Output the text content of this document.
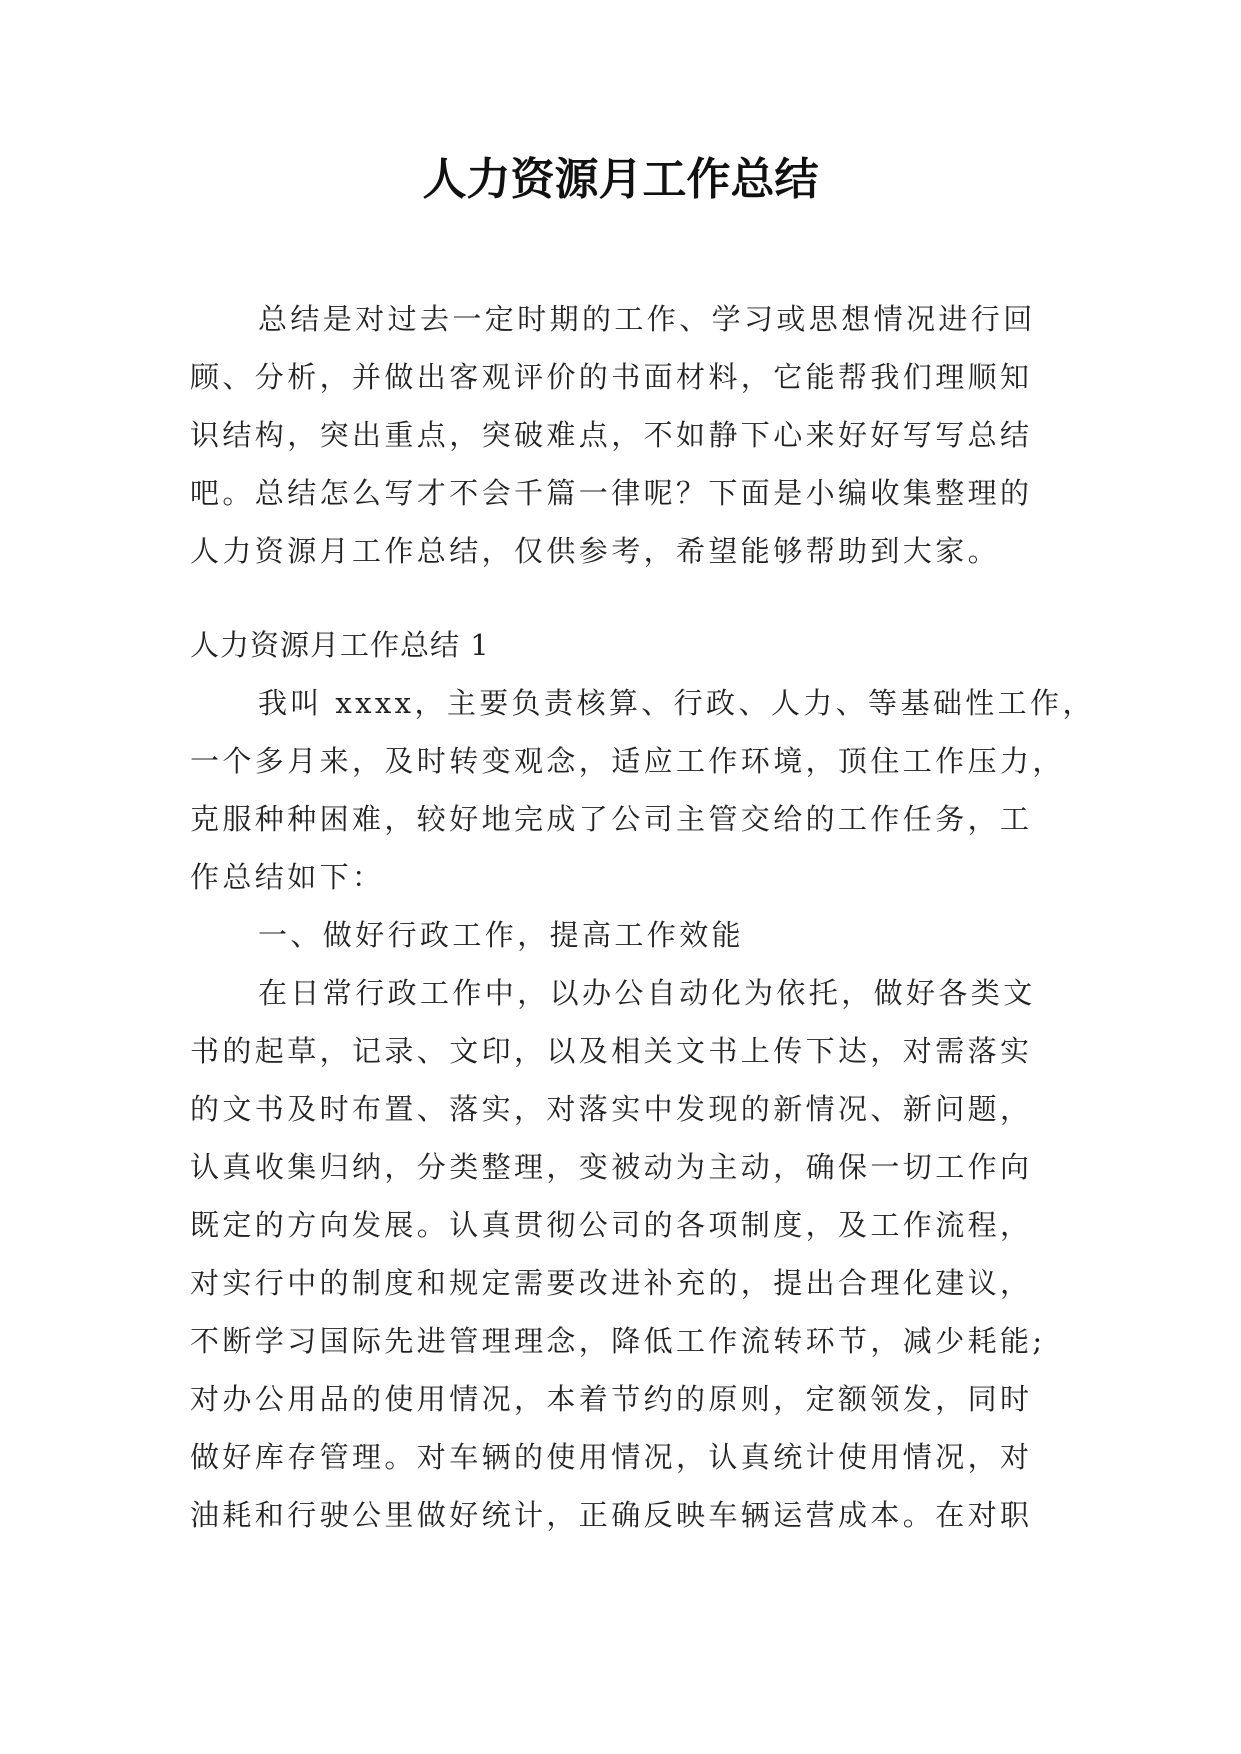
人力资源月工作总结
总结是对过去一定时期的工作、学习或思想情况进行回
顾、分析，并做出客观评价的书面材料，它能帮我们理顺知
识结构，突出重点，突破难点，不如静下心来好好写写总结
吧。总结怎么写才不会千篇一律呢？下面是小编收集整理的
人力资源月工作总结，仅供参考，希望能够帮助到大家。
人力资源月工作总结 1
我叫 xxxx，主要负责核算、行政、人力、等基础性工作，
一个多月来，及时转变观念，适应工作环境，顶住工作压力，
克服种种困难，较好地完成了公司主管交给的工作任务，工
作总结如下：
一、做好行政工作，提高工作效能
在日常行政工作中，以办公自动化为依托，做好各类文
书的起草，记录、文印，以及相关文书上传下达，对需落实
的文书及时布置、落实，对落实中发现的新情况、新问题，
认真收集归纳，分类整理，变被动为主动，确保一切工作向
既定的方向发展。认真贯彻公司的各项制度，及工作流程，
对实行中的制度和规定需要改进补充的，提出合理化建议，
不断学习国际先进管理理念，降低工作流转环节，减少耗能;
对办公用品的使用情况，本着节约的原则，定额领发，同时
做好库存管理。对车辆的使用情况，认真统计使用情况，对
油耗和行驶公里做好统计，正确反映车辆运营成本。在对职
